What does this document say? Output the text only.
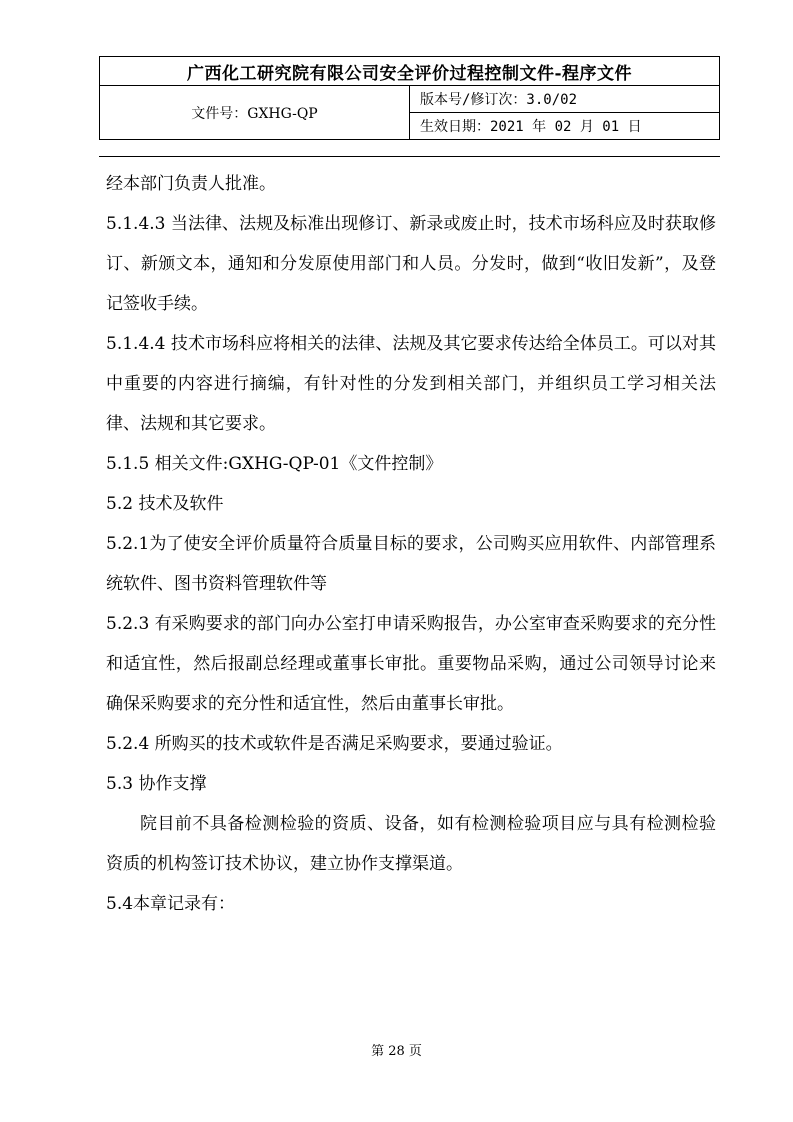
广西化工研究院有限公司安全评价过程控制文件-程序文件
文件号：GXHG-QP	版本号/修订次：3.0/02
生效日期：2021 年 02 月 01 日

经本部门负责人批准。

5.1.4.3 当法律、法规及标准出现修订、新录或废止时，技术市场科应及时获取修订、新颁文本，通知和分发原使用部门和人员。分发时，做到“收旧发新”，及登记签收手续。

5.1.4.4 技术市场科应将相关的法律、法规及其它要求传达给全体员工。可以对其中重要的内容进行摘编，有针对性的分发到相关部门，并组织员工学习相关法律、法规和其它要求。

5.1.5 相关文件:GXHG-QP-01《文件控制》

5.2 技术及软件

5.2.1为了使安全评价质量符合质量目标的要求，公司购买应用软件、内部管理系统软件、图书资料管理软件等

5.2.3 有采购要求的部门向办公室打申请采购报告，办公室审查采购要求的充分性和适宜性，然后报副总经理或董事长审批。重要物品采购，通过公司领导讨论来确保采购要求的充分性和适宜性，然后由董事长审批。

5.2.4 所购买的技术或软件是否满足采购要求，要通过验证。

5.3 协作支撑

院目前不具备检测检验的资质、设备，如有检测检验项目应与具有检测检验资质的机构签订技术协议，建立协作支撑渠道。

5.4本章记录有：

第 28 页
